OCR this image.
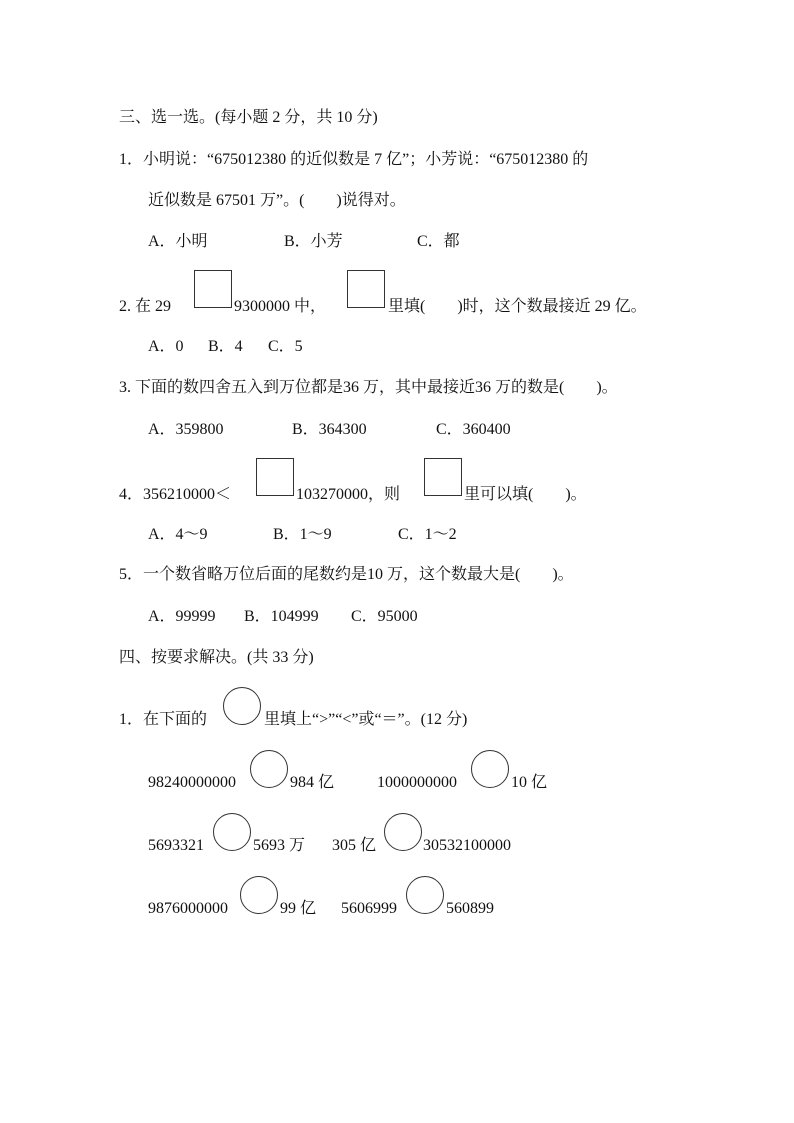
三、选一选。(每小题 2 分，共 10 分)
1．小明说：“675012380 的近似数是 7 亿”；小芳说：“675012380 的
近似数是 67501 万”。(　　)说得对。
A．小明	B．小芳	C．都
2. 在 29	9300000 中，	里填(　　)时，这个数最接近 29 亿。
A．0 B．4 C．5
3. 下面的数四舍五入到万位都是36 万，其中最接近36 万的数是(　　)。
A．359800	B．364300	C．360400
4．356210000＜	103270000，则	里可以填(　　)。
A．4～9	B．1～9	C．1～2
5．一个数省略万位后面的尾数约是10 万，这个数最大是(　　)。
A．99999 B．104999 C．95000
四、按要求解决。(共 33 分)
1．在下面的	里填上“>”“<”或“＝”。(12 分)
98240000000	984 亿	1000000000	10 亿
5693321	5693 万 305 亿	30532100000
9876000000	99 亿 5606999	560899
